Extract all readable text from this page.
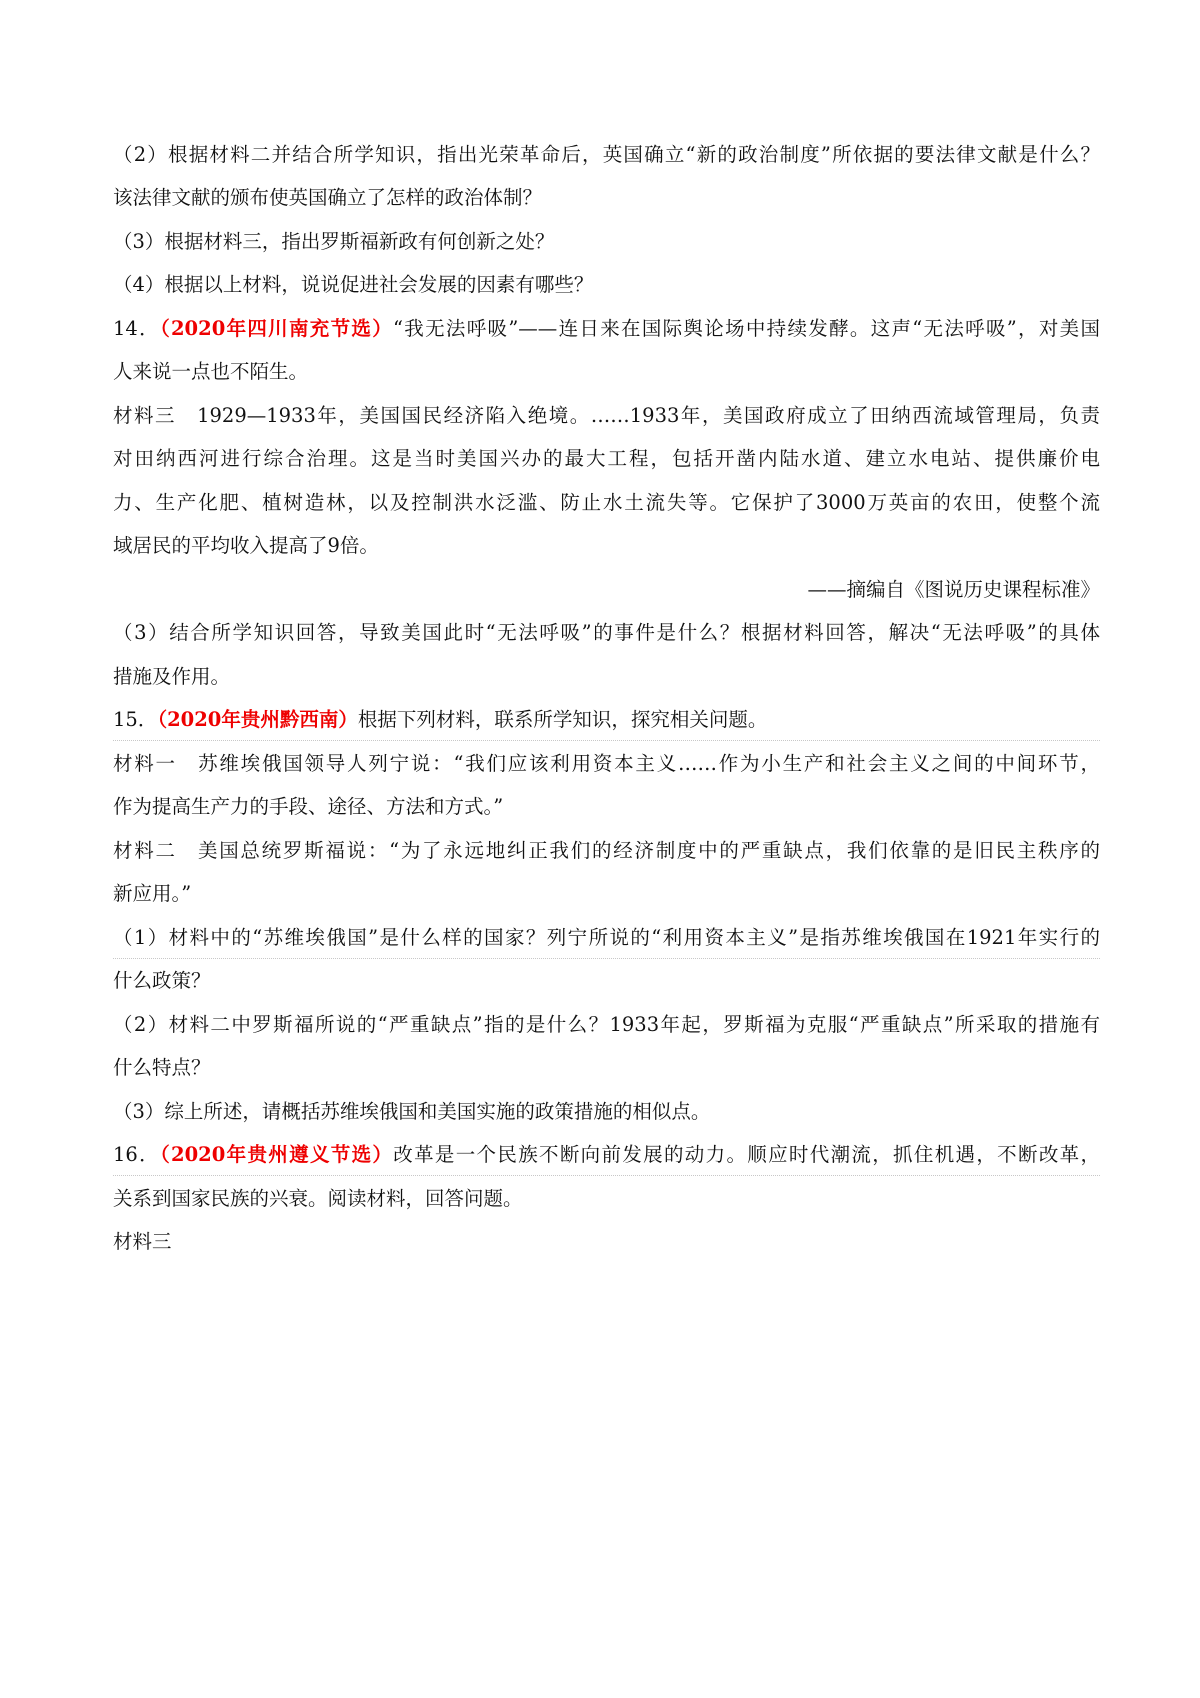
（2）根据材料二并结合所学知识，指出光荣革命后，英国确立“新的政治制度”所依据的要法律文献是什么？
该法律文献的颁布使英国确立了怎样的政治体制？
（3）根据材料三，指出罗斯福新政有何创新之处？
（4）根据以上材料，说说促进社会发展的因素有哪些？
14．（2020年四川南充节选）“我无法呼吸”——连日来在国际舆论场中持续发酵。这声“无法呼吸”，对美国
人来说一点也不陌生。
材料三　1929—1933年，美国国民经济陷入绝境。……1933年，美国政府成立了田纳西流域管理局，负责
对田纳西河进行综合治理。这是当时美国兴办的最大工程，包括开凿内陆水道、建立水电站、提供廉价电
力、生产化肥、植树造林，以及控制洪水泛滥、防止水土流失等。它保护了3000万英亩的农田，使整个流
域居民的平均收入提高了9倍。
——摘编自《图说历史课程标准》
（3）结合所学知识回答，导致美国此时“无法呼吸”的事件是什么？根据材料回答，解决“无法呼吸”的具体
措施及作用。
15．（2020年贵州黔西南）根据下列材料，联系所学知识，探究相关问题。
材料一　苏维埃俄国领导人列宁说：“我们应该利用资本主义……作为小生产和社会主义之间的中间环节，
作为提高生产力的手段、途径、方法和方式。”
材料二　美国总统罗斯福说：“为了永远地纠正我们的经济制度中的严重缺点，我们依靠的是旧民主秩序的
新应用。”
（1）材料中的“苏维埃俄国”是什么样的国家？列宁所说的“利用资本主义”是指苏维埃俄国在1921年实行的
什么政策？
（2）材料二中罗斯福所说的“严重缺点”指的是什么？1933年起，罗斯福为克服“严重缺点”所采取的措施有
什么特点？
（3）综上所述，请概括苏维埃俄国和美国实施的政策措施的相似点。
16．（2020年贵州遵义节选）改革是一个民族不断向前发展的动力。顺应时代潮流，抓住机遇，不断改革，
关系到国家民族的兴衰。阅读材料，回答问题。
材料三
